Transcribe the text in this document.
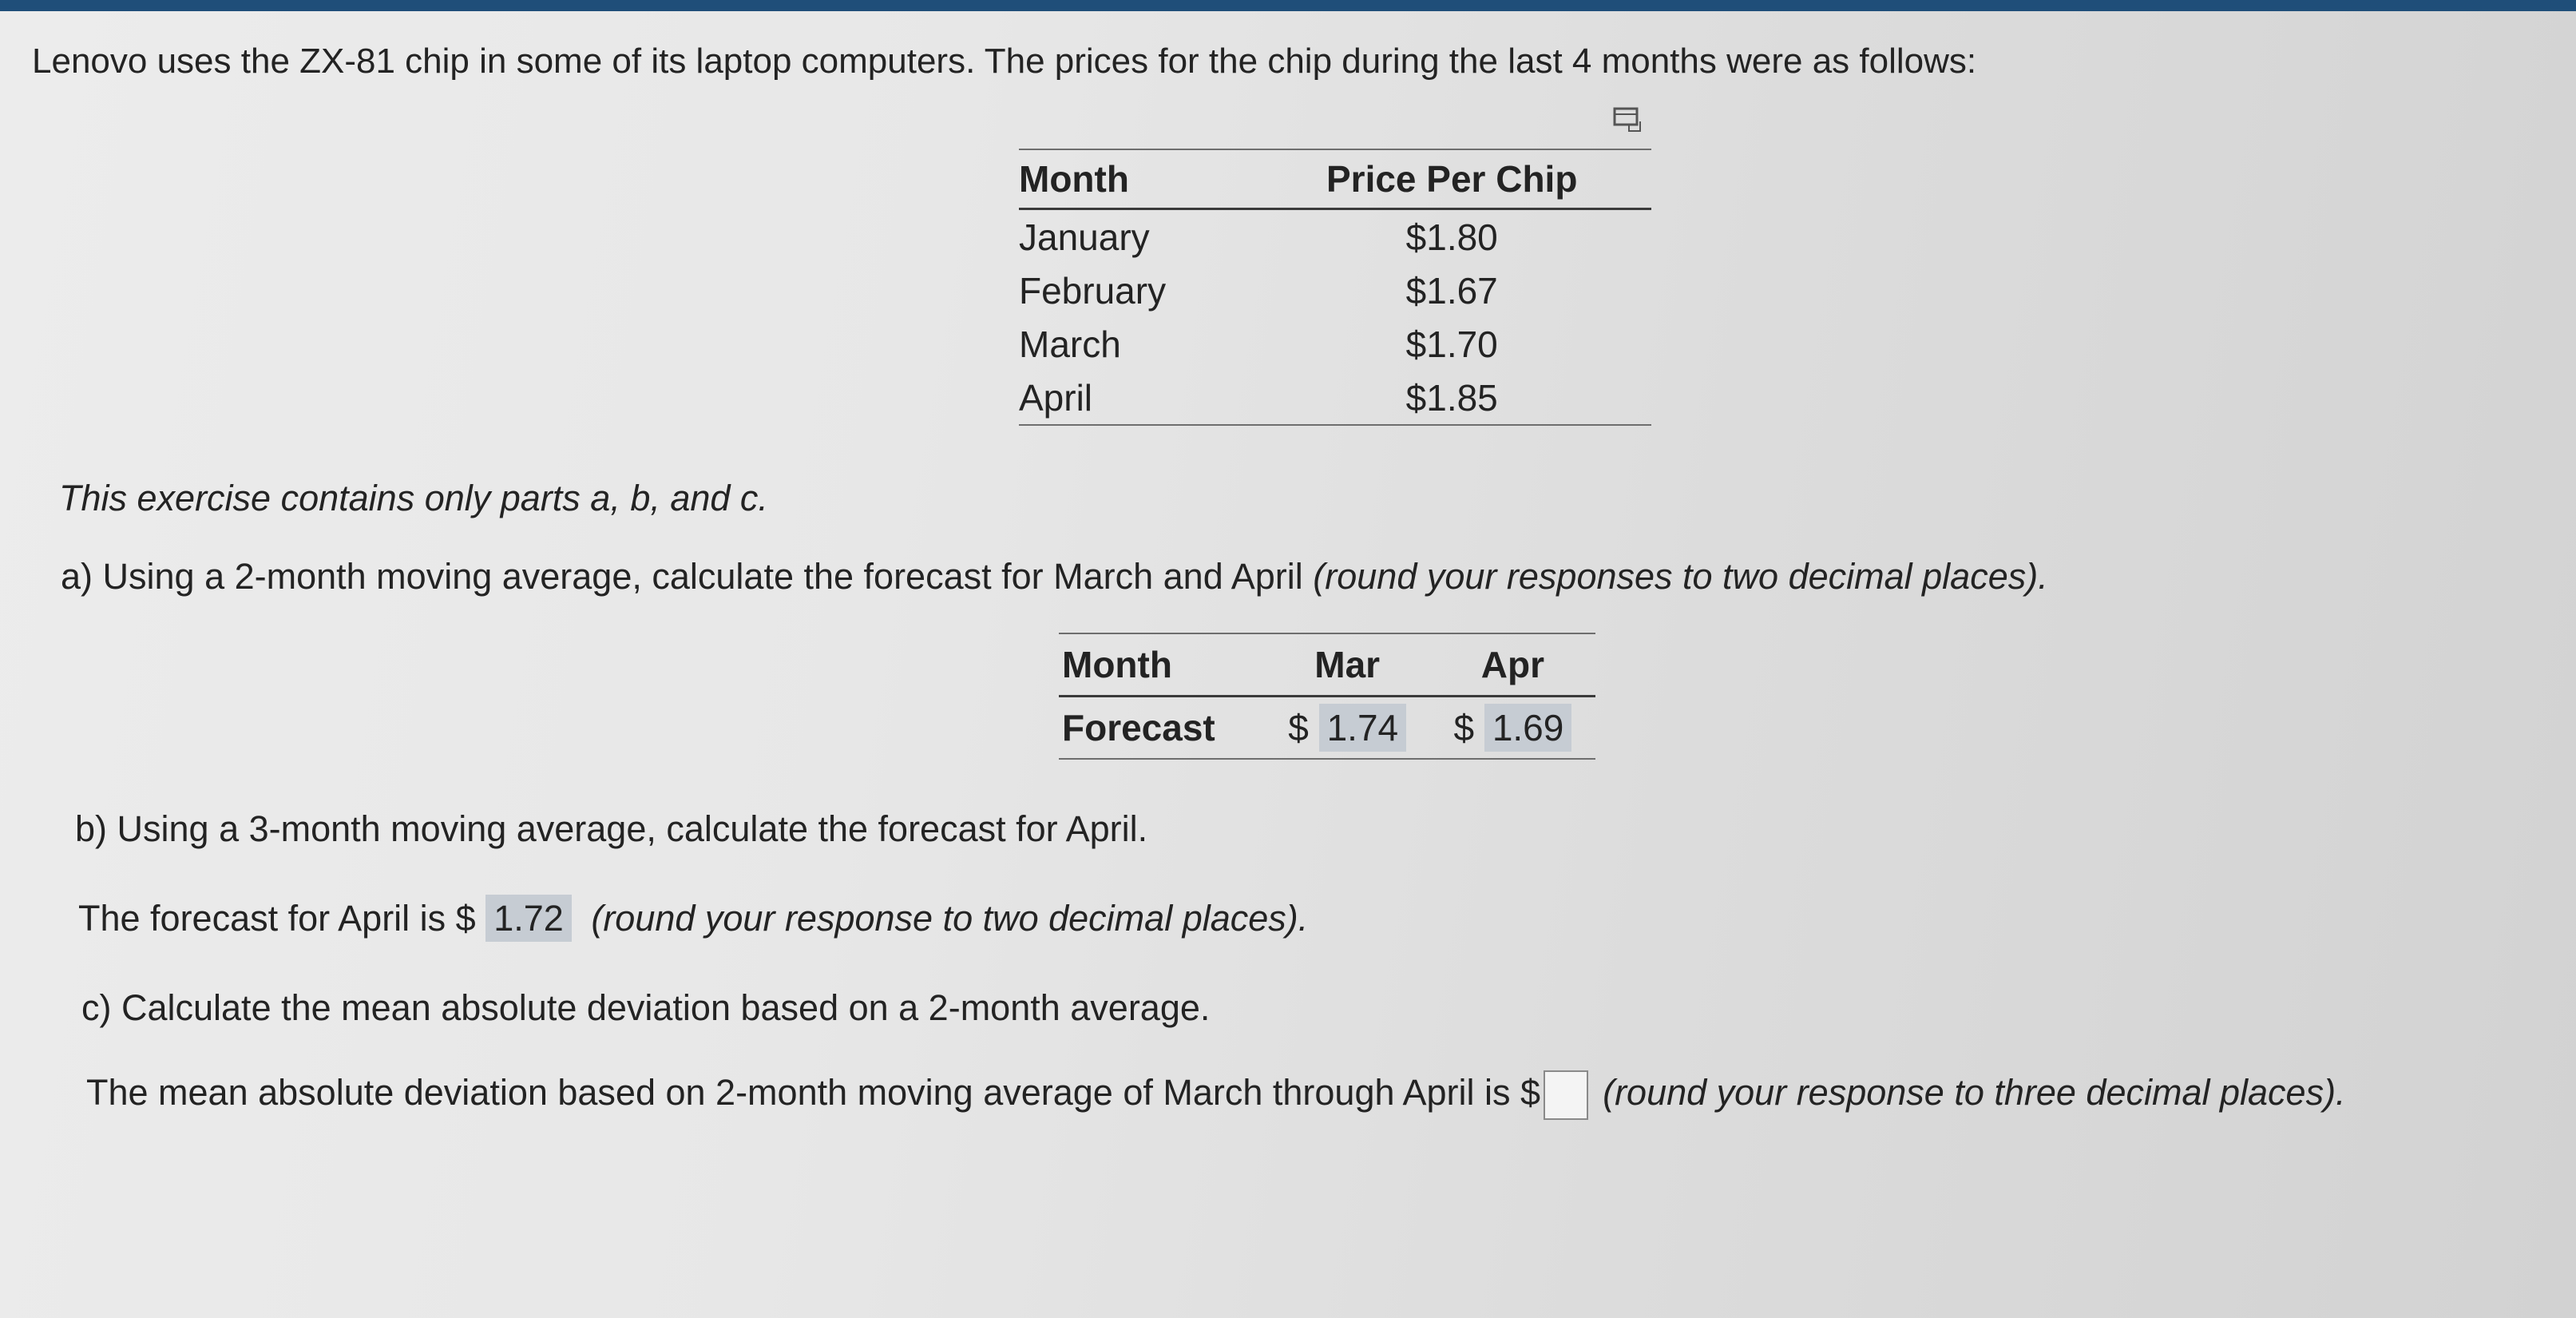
Lenovo uses the ZX-81 chip in some of its laptop computers. The prices for the chip during the last 4 months were as follows:
Month	Price Per Chip
January	$1.80
February	$1.67
March	$1.70
April	$1.85
This exercise contains only parts a, b, and c.
a) Using a 2-month moving average, calculate the forecast for March and April (round your responses to two decimal places).
Month	Mar	Apr
Forecast	$ 1.74	$ 1.69
b) Using a 3-month moving average, calculate the forecast for April.
The forecast for April is $ 1.72 (round your response to two decimal places).
c) Calculate the mean absolute deviation based on a 2-month average.
The mean absolute deviation based on 2-month moving average of March through April is $ (round your response to three decimal places).
